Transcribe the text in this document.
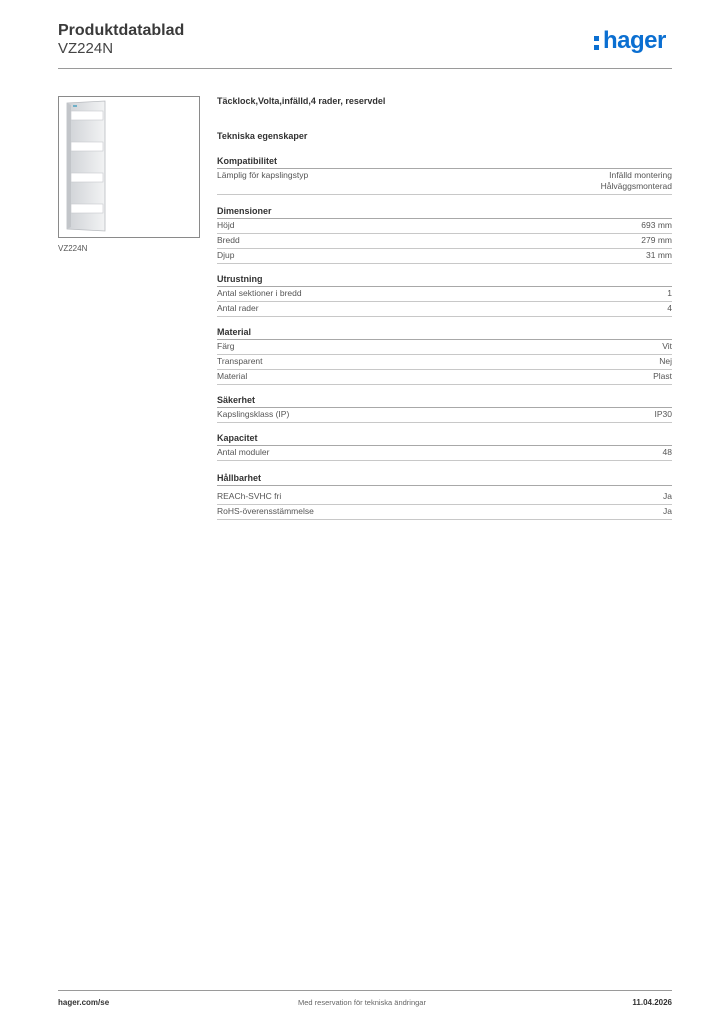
Produktdatablad
VZ224N	hager
VZ224N
Täcklock,Volta,infälld,4 rader, reservdel
Tekniska egenskaper
Kompatibilitet
Lämplig för kapslingstyp	Infälld montering
Hålväggsmonterad
Dimensioner
Höjd	693 mm
Bredd	279 mm
Djup	31 mm
Utrustning
Antal sektioner i bredd	1
Antal rader	4
Material
Färg	Vit
Transparent	Nej
Material	Plast
Säkerhet
Kapslingsklass (IP)	IP30
Kapacitet
Antal moduler	48
Hållbarhet
REACh-SVHC fri	Ja
RoHS-överensstämmelse	Ja
hager.com/se	Med reservation för tekniska ändringar	11.04.2026
